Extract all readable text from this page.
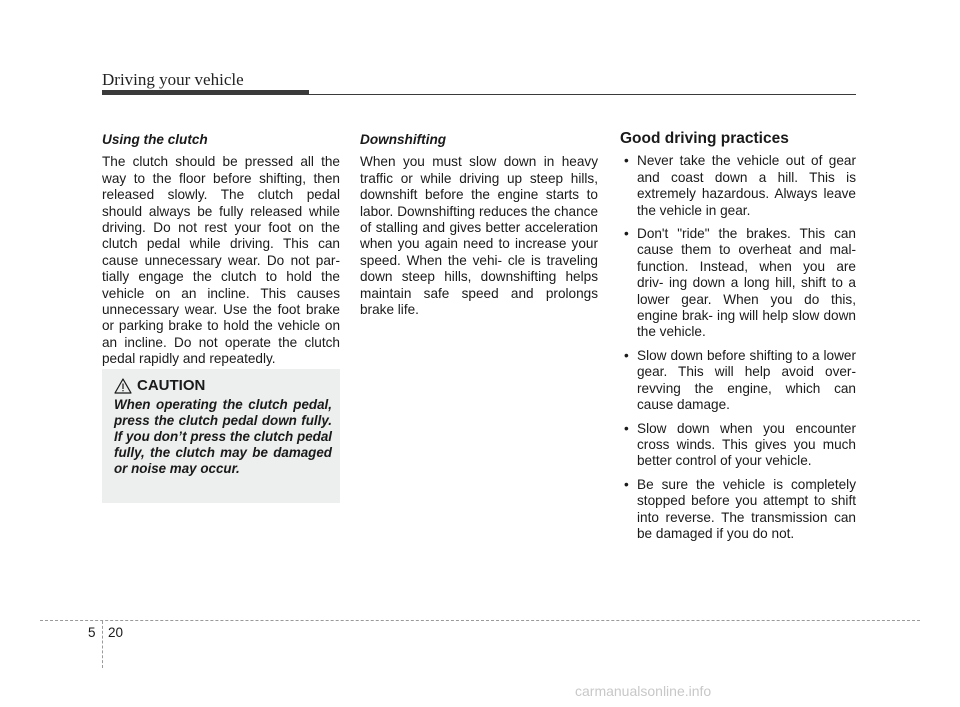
Driving your vehicle

Using the clutch

The clutch should be pressed all the way to the floor before shifting, then released slowly. The clutch pedal should always be fully released while driving. Do not rest your foot on the clutch pedal while driving. This can cause unnecessary wear. Do not par- tially engage the clutch to hold the vehicle on an incline. This causes unnecessary wear. Use the foot brake or parking brake to hold the vehicle on an incline. Do not operate the clutch pedal rapidly and repeatedly.

CAUTION

When operating the clutch pedal, press the clutch pedal down fully. If you don’t press the clutch pedal fully, the clutch may be damaged or noise may occur.

Downshifting

When you must slow down in heavy traffic or while driving up steep hills, downshift before the engine starts to labor. Downshifting reduces the chance of stalling and gives better acceleration when you again need to increase your speed. When the vehi- cle is traveling down steep hills, downshifting helps maintain safe speed and prolongs brake life.

Good driving practices

• Never take the vehicle out of gear and coast down a hill. This is extremely hazardous. Always leave the vehicle in gear.
• Don't "ride" the brakes. This can cause them to overheat and mal- function. Instead, when you are driv- ing down a long hill, shift to a lower gear. When you do this, engine brak- ing will help slow down the vehicle.
• Slow down before shifting to a lower gear. This will help avoid over-revving the engine, which can cause damage.
• Slow down when you encounter cross winds. This gives you much better control of your vehicle.
• Be sure the vehicle is completely stopped before you attempt to shift into reverse. The transmission can be damaged if you do not.
5 20
carmanualsonline.info
